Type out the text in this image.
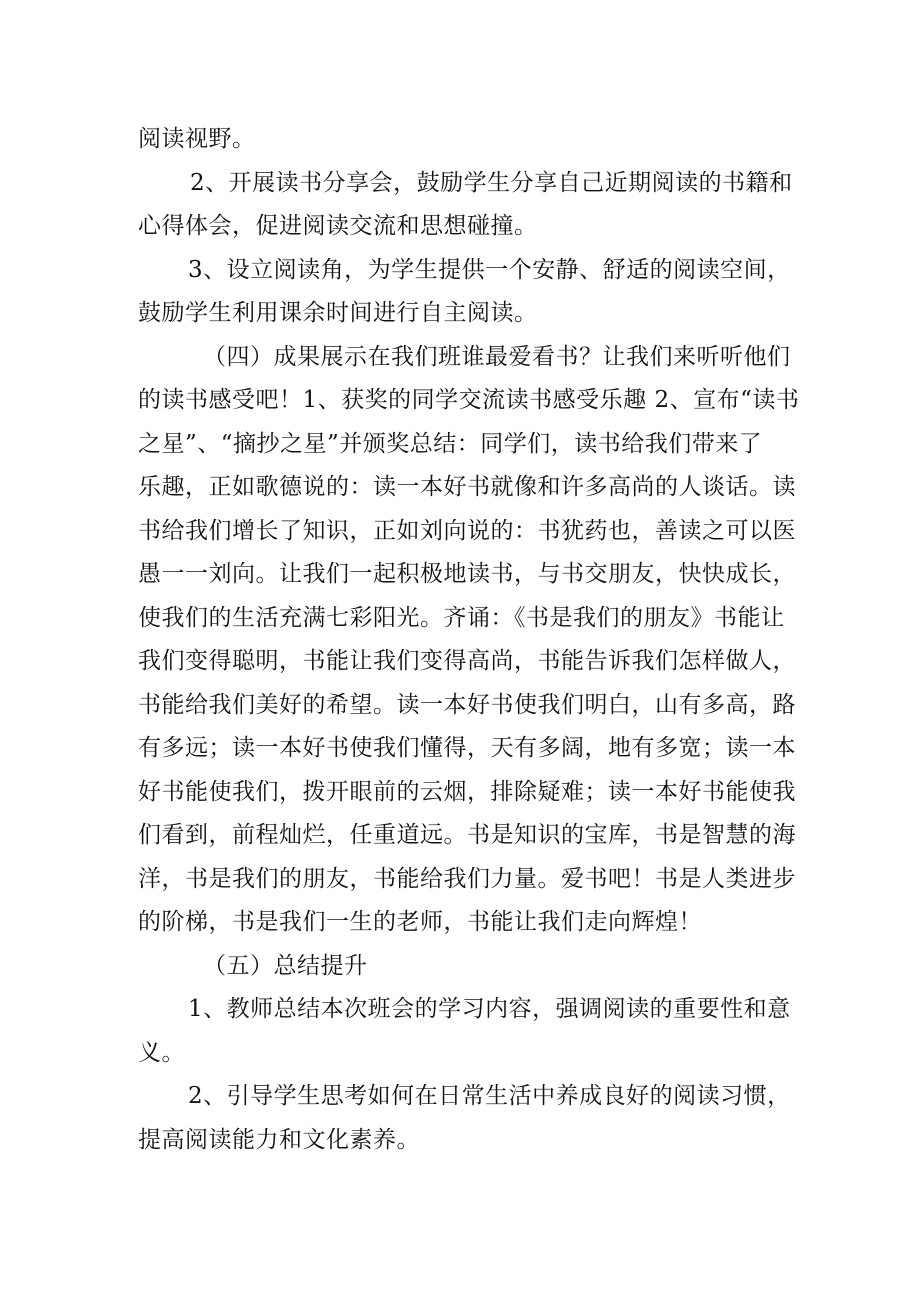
阅读视野。
2、开展读书分享会，鼓励学生分享自己近期阅读的书籍和
心得体会，促进阅读交流和思想碰撞。
3、设立阅读角，为学生提供一个安静、舒适的阅读空间，
鼓励学生利用课余时间进行自主阅读。
（四）成果展示在我们班谁最爱看书？让我们来听听他们
的读书感受吧！1、获奖的同学交流读书感受乐趣 2、宣布“读书
之星”、“摘抄之星”并颁奖总结：同学们，读书给我们带来了
乐趣，正如歌德说的：读一本好书就像和许多高尚的人谈话。读
书给我们增长了知识，正如刘向说的：书犹药也，善读之可以医
愚一一刘向。让我们一起积极地读书，与书交朋友，快快成长，
使我们的生活充满七彩阳光。齐诵：《书是我们的朋友》书能让
我们变得聪明，书能让我们变得高尚，书能告诉我们怎样做人，
书能给我们美好的希望。读一本好书使我们明白，山有多高，路
有多远；读一本好书使我们懂得，天有多阔，地有多宽；读一本
好书能使我们，拨开眼前的云烟，排除疑难；读一本好书能使我
们看到，前程灿烂，任重道远。书是知识的宝库，书是智慧的海
洋，书是我们的朋友，书能给我们力量。爱书吧！书是人类进步
的阶梯，书是我们一生的老师，书能让我们走向辉煌！
（五）总结提升
1、教师总结本次班会的学习内容，强调阅读的重要性和意
义。
2、引导学生思考如何在日常生活中养成良好的阅读习惯，
提高阅读能力和文化素养。
